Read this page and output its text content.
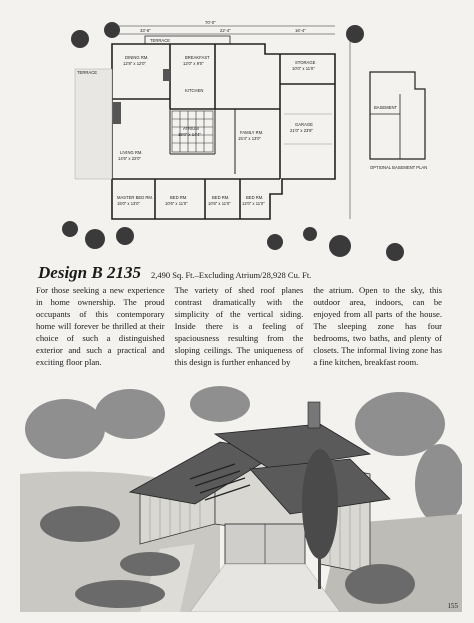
70'-0"
33'-6"	22'-4"	16'-4"
TERRACE
TERRACE
DINING RM.
12'8" x 12'0"
BREAKFAST
12'0" x 9'0"	STORAGE
10'0" x 11'0"
KITCHEN
ATRIUM
16'0" x 14'4"
LIVING RM.
14'6" x 22'0"
FAMILY RM.
15'4" x 13'0"
GARAGE
21'0" x 23'8"
MASTER BED RM.
15'0" x 13'0"
BED RM.
10'6" x 11'0"
BED RM.
10'6" x 11'0"
BED RM.
12'0" x 11'0"
BASEMENT
OPTIONAL BASEMENT PLAN
Design B 2135 2,490 Sq. Ft.–Excluding Atrium/28,928 Cu. Ft.

For those seeking a new experience in home ownership. The proud occupants of this contemporary home will forever be thrilled at their choice of such a distinguished exterior and such a practical and exciting floor plan.

The variety of shed roof planes contrast dramatically with the simplicity of the vertical siding. Inside there is a feeling of spaciousness resulting from the sloping ceilings. The uniqueness of this design is further enhanced by

the atrium. Open to the sky, this outdoor area, indoors, can be enjoyed from all parts of the house. The sleeping zone has four bedrooms, two baths, and plenty of closets. The informal living zone has a fine kitchen, breakfast room.

155
